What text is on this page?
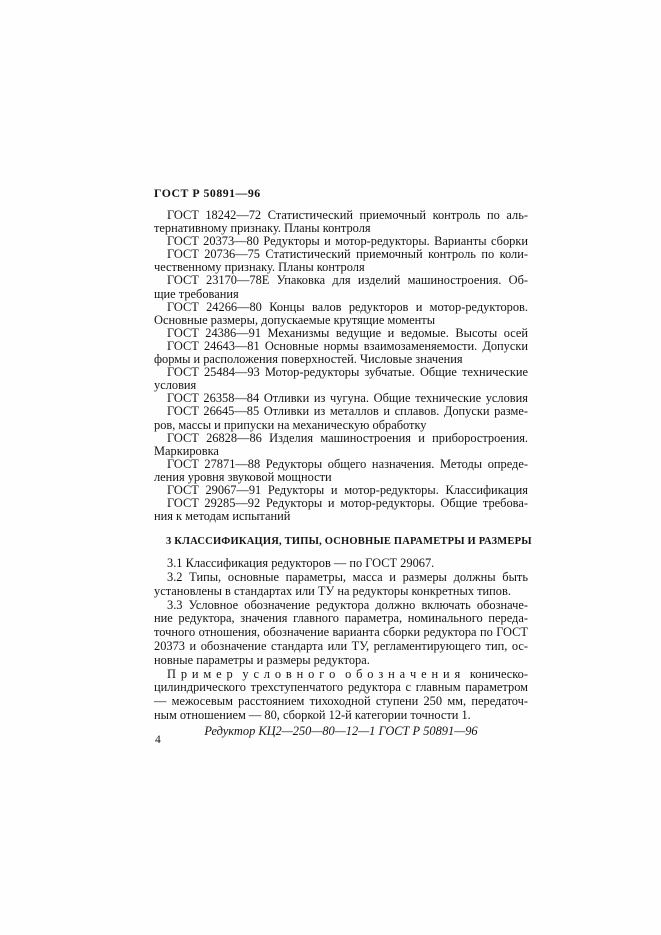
ГОСТ Р 50891—96
ГОСТ 18242—72 Статистический приемочный контроль по аль-
тернативному признаку. Планы контроля
ГОСТ 20373—80 Редукторы и мотор-редукторы. Варианты сборки
ГОСТ 20736—75 Статистический приемочный контроль по коли-
чественному признаку. Планы контроля
ГОСТ 23170—78Е Упаковка для изделий машиностроения. Об-
щие требования
ГОСТ 24266—80 Концы валов редукторов и мотор-редукторов.
Основные размеры, допускаемые крутящие моменты
ГОСТ 24386—91 Механизмы ведущие и ведомые. Высоты осей
ГОСТ 24643—81 Основные нормы взаимозаменяемости. Допуски
формы и расположения поверхностей. Числовые значения
ГОСТ 25484—93 Мотор-редукторы зубчатые. Общие технические
условия
ГОСТ 26358—84 Отливки из чугуна. Общие технические условия
ГОСТ 26645—85 Отливки из металлов и сплавов. Допуски разме-
ров, массы и припуски на механическую обработку
ГОСТ 26828—86 Изделия машиностроения и приборостроения.
Маркировка
ГОСТ 27871—88 Редукторы общего назначения. Методы опреде-
ления уровня звуковой мощности
ГОСТ 29067—91 Редукторы и мотор-редукторы. Классификация
ГОСТ 29285—92 Редукторы и мотор-редукторы. Общие требова-
ния к методам испытаний
3 КЛАССИФИКАЦИЯ, ТИПЫ, ОСНОВНЫЕ ПАРАМЕТРЫ И РАЗМЕРЫ
3.1 Классификация редукторов — по ГОСТ 29067.
3.2 Типы, основные параметры, масса и размеры должны быть
установлены в стандартах или ТУ на редукторы конкретных типов.
3.3 Условное обозначение редуктора должно включать обозначе-
ние редуктора, значения главного параметра, номинального переда-
точного отношения, обозначение варианта сборки редуктора по ГОСТ
20373 и обозначение стандарта или ТУ, регламентирующего тип, ос-
новные параметры и размеры редуктора.
П р и м е р  у с л о в н о г о  о б о з н а ч е н и я  коническо-
цилиндрического трехступенчатого редуктора с главным параметром
— межосевым расстоянием тихоходной ступени 250 мм, передаточ-
ным отношением — 80, сборкой 12-й категории точности 1.
Редуктор КЦ2—250—80—12—1 ГОСТ Р 50891—96
4
